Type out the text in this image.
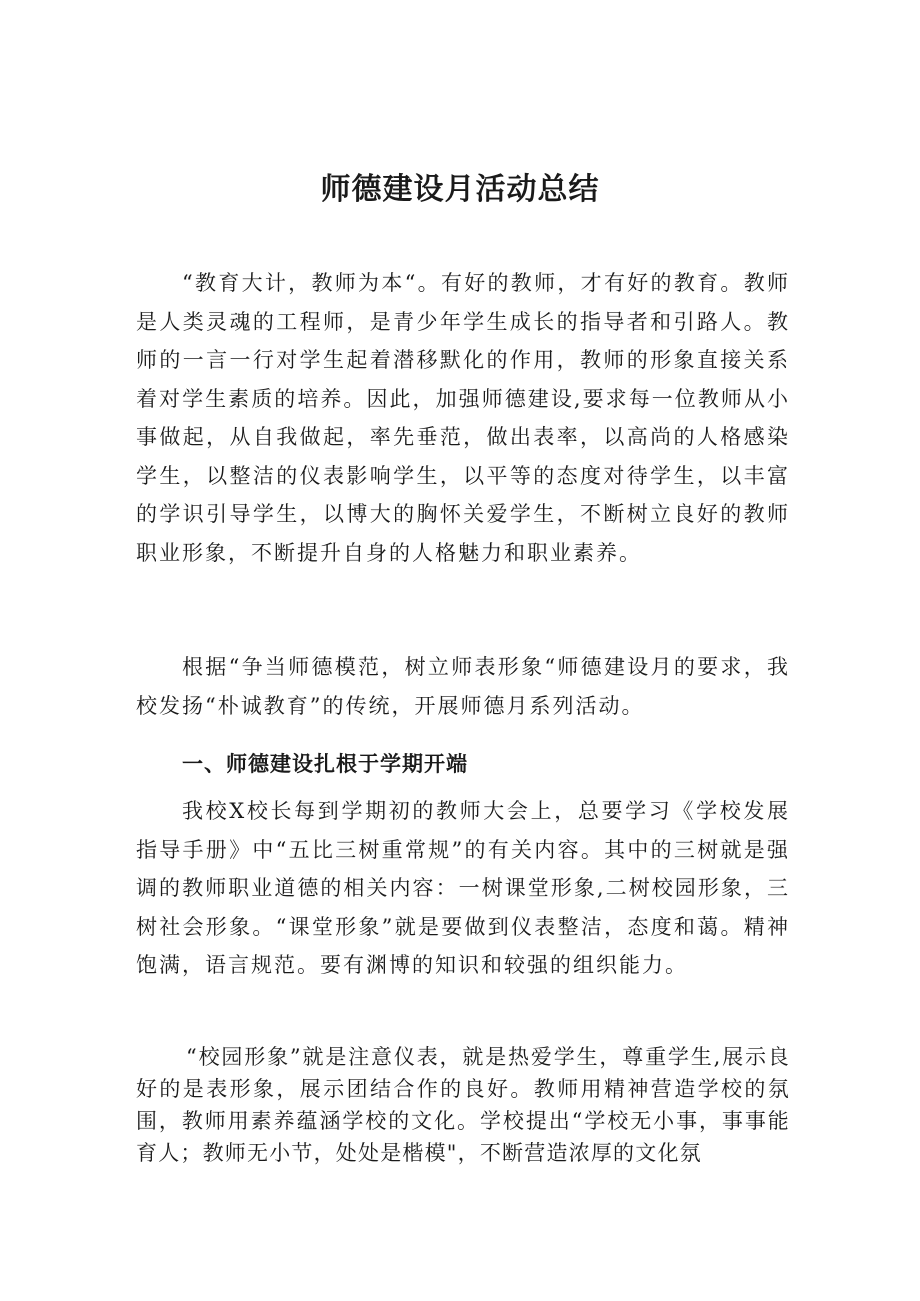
师德建设月活动总结

“教育大计，教师为本“。有好的教师，才有好的教育。教师是人类灵魂的工程师，是青少年学生成长的指导者和引路人。教师的一言一行对学生起着潜移默化的作用，教师的形象直接关系着对学生素质的培养。因此，加强师德建设,要求每一位教师从小事做起，从自我做起，率先垂范，做出表率，以高尚的人格感染学生，以整洁的仪表影响学生，以平等的态度对待学生，以丰富的学识引导学生，以博大的胸怀关爱学生，不断树立良好的教师职业形象，不断提升自身的人格魅力和职业素养。

根据“争当师德模范，树立师表形象“师德建设月的要求，我校发扬“朴诚教育”的传统，开展师德月系列活动。

一、师德建设扎根于学期开端

我校X校长每到学期初的教师大会上，总要学习《学校发展指导手册》中“五比三树重常规”的有关内容。其中的三树就是强调的教师职业道德的相关内容：一树课堂形象,二树校园形象，三树社会形象。“课堂形象”就是要做到仪表整洁，态度和蔼。精神饱满，语言规范。要有渊博的知识和较强的组织能力。

“校园形象”就是注意仪表，就是热爱学生，尊重学生,展示良好的是表形象，展示团结合作的良好。教师用精神营造学校的氛围，教师用素养蕴涵学校的文化。学校提出“学校无小事，事事能育人；教师无小节，处处是楷模"，不断营造浓厚的文化氛
